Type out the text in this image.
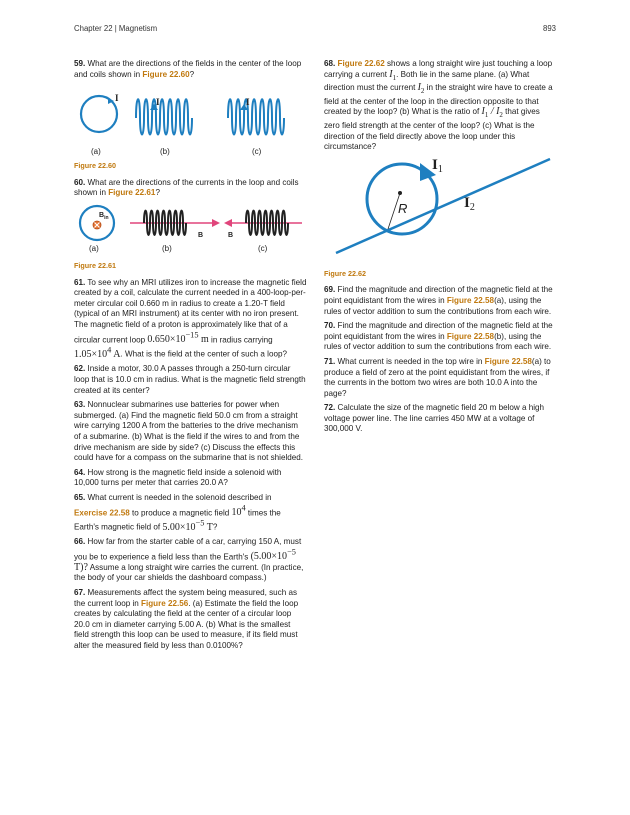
Chapter 22 | Magnetism	893

59. What are the directions of the fields in the center of the loop and coils shown in Figure 22.60?

I	I	I
(a)	(b)	(c)
Figure 22.60

60. What are the directions of the currents in the loop and coils shown in Figure 22.61?

$B_{in}$
B	B
(a)	(b)	(c)
Figure 22.61

61. To see why an MRI utilizes iron to increase the magnetic field created by a coil, calculate the current needed in a 400-loop-per-meter circular coil 0.660 m in radius to create a 1.20-T field (typical of an MRI instrument) at its center with no iron present. The magnetic field of a proton is approximately like that of a circular current loop $0.650\times 10^{-15}$ m in radius carrying $1.05\times 10^4$ A. What is the field at the center of such a loop?

62. Inside a motor, 30.0 A passes through a 250-turn circular loop that is 10.0 cm in radius. What is the magnetic field strength created at its center?

63. Nonnuclear submarines use batteries for power when submerged. (a) Find the magnetic field 50.0 cm from a straight wire carrying 1200 A from the batteries to the drive mechanism of a submarine. (b) What is the field if the wires to and from the drive mechanism are side by side? (c) Discuss the effects this could have for a compass on the submarine that is not shielded.

64. How strong is the magnetic field inside a solenoid with 10,000 turns per meter that carries 20.0 A?

65. What current is needed in the solenoid described in Exercise 22.58 to produce a magnetic field $10^4$ times the Earth's magnetic field of $5.00\times 10^{-5}$ T?

66. How far from the starter cable of a car, carrying 150 A, must you be to experience a field less than the Earth's ($5.00\times 10^{-5}$ T)? Assume a long straight wire carries the current. (In practice, the body of your car shields the dashboard compass.)

67. Measurements affect the system being measured, such as the current loop in Figure 22.56. (a) Estimate the field the loop creates by calculating the field at the center of a circular loop 20.0 cm in diameter carrying 5.00 A. (b) What is the smallest field strength this loop can be used to measure, if its field must alter the measured field by less than 0.0100%?

68. Figure 22.62 shows a long straight wire just touching a loop carrying a current $I_1$. Both lie in the same plane. (a) What direction must the current $I_2$ in the straight wire have to create a field at the center of the loop in the direction opposite to that created by the loop? (b) What is the ratio of $I_1 / I_2$ that gives zero field strength at the center of the loop? (c) What is the direction of the field directly above the loop under this circumstance?

R
$I_1$
$I_2$
Figure 22.62

69. Find the magnitude and direction of the magnetic field at the point equidistant from the wires in Figure 22.58(a), using the rules of vector addition to sum the contributions from each wire.

70. Find the magnitude and direction of the magnetic field at the point equidistant from the wires in Figure 22.58(b), using the rules of vector addition to sum the contributions from each wire.

71. What current is needed in the top wire in Figure 22.58(a) to produce a field of zero at the point equidistant from the wires, if the currents in the bottom two wires are both 10.0 A into the page?

72. Calculate the size of the magnetic field 20 m below a high voltage power line. The line carries 450 MW at a voltage of 300,000 V.
